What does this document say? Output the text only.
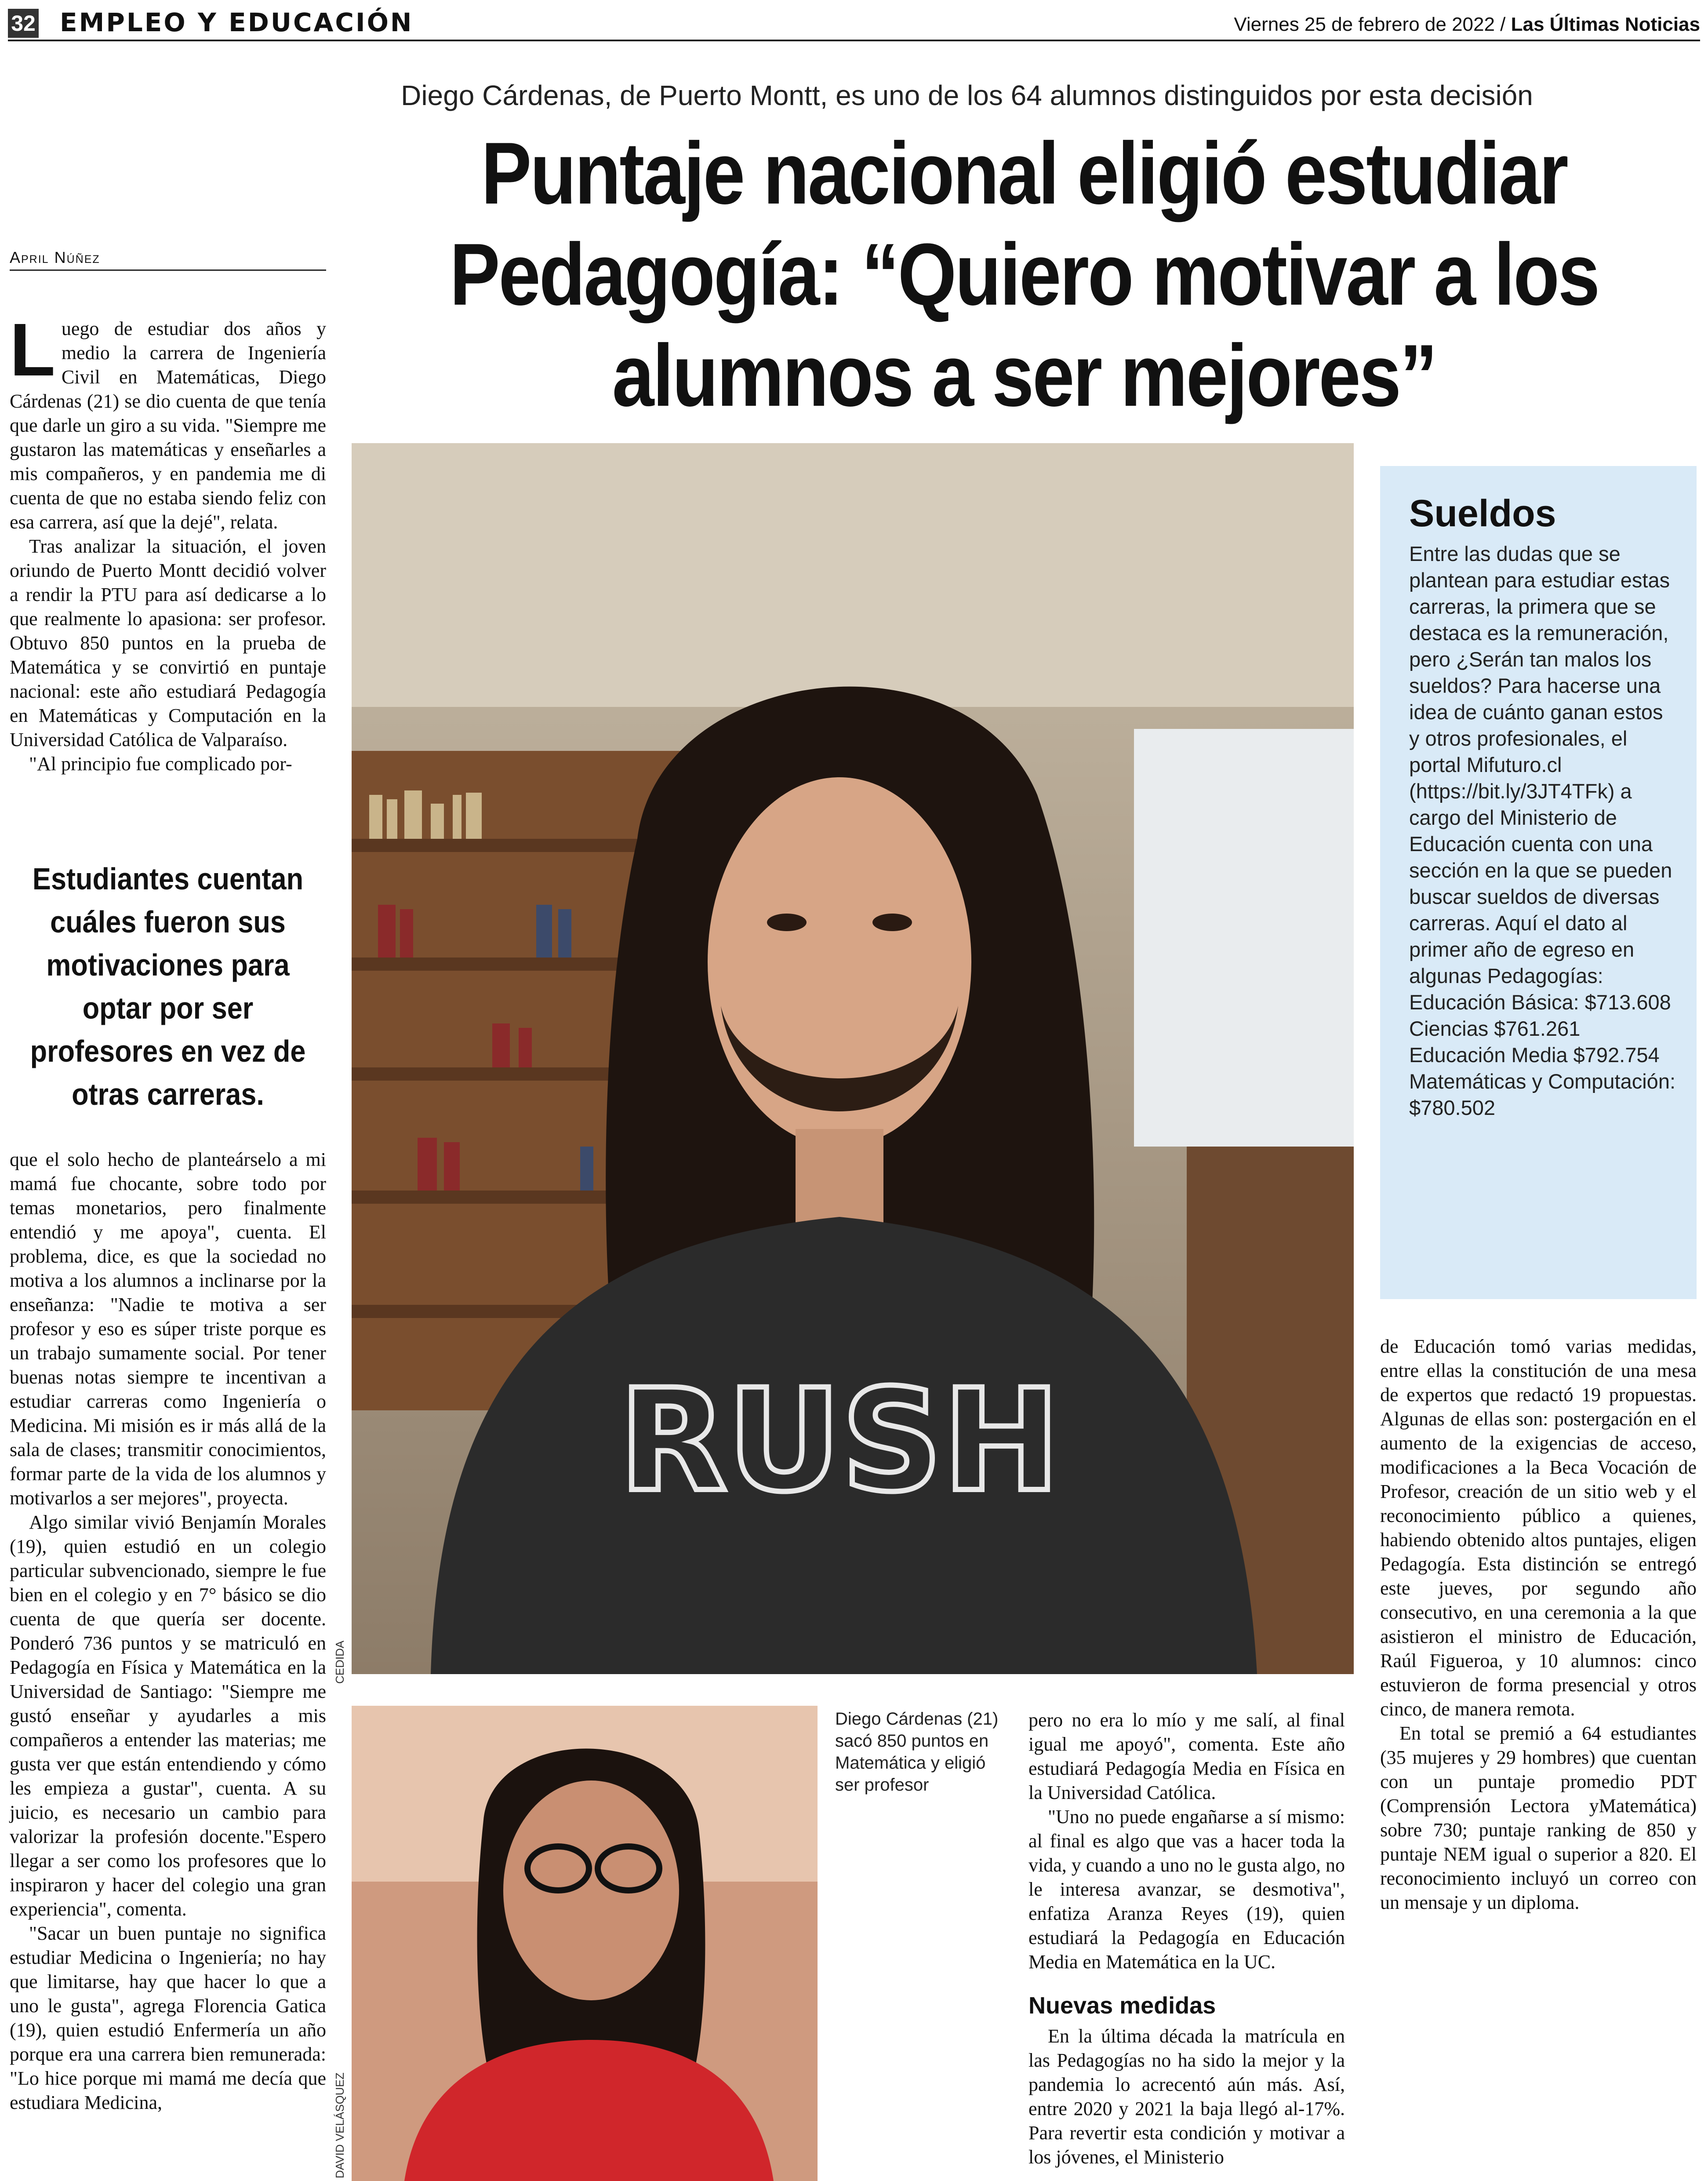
32 EMPLEO Y EDUCACIÓN	Viernes 25 de febrero de 2022 / Las Últimas Noticias
Diego Cárdenas, de Puerto Montt, es uno de los 64 alumnos distinguidos por esta decisión
Puntaje nacional eligió estudiar Pedagogía: “Quiero motivar a los alumnos a ser mejores”
April Núñez

Luego de estudiar dos años y medio la carrera de Ingeniería Civil en Matemáticas, Diego Cárdenas (21) se dio cuenta de que tenía que darle un giro a su vida. "Siempre me gustaron las matemáticas y enseñarles a mis compañeros, y en pandemia me di cuenta de que no estaba siendo feliz con esa carrera, así que la dejé", relata.

Tras analizar la situación, el joven oriundo de Puerto Montt decidió volver a rendir la PTU para así dedicarse a lo que realmente lo apasiona: ser profesor. Obtuvo 850 puntos en la prueba de Matemática y se convirtió en puntaje nacional: este año estudiará Pedagogía en Matemáticas y Computación en la Universidad Católica de Valparaíso.

"Al principio fue complicado por-

Estudiantes cuentan cuáles fueron sus motivaciones para optar por ser profesores en vez de otras carreras.

que el solo hecho de planteárselo a mi mamá fue chocante, sobre todo por temas monetarios, pero finalmente entendió y me apoya", cuenta. El problema, dice, es que la sociedad no motiva a los alumnos a inclinarse por la enseñanza: "Nadie te motiva a ser profesor y eso es súper triste porque es un trabajo sumamente social. Por tener buenas notas siempre te incentivan a estudiar carreras como Ingeniería o Medicina. Mi misión es ir más allá de la sala de clases; transmitir conocimientos, formar parte de la vida de los alumnos y motivarlos a ser mejores", proyecta.

Algo similar vivió Benjamín Morales (19), quien estudió en un colegio particular subvencionado, siempre le fue bien en el colegio y en 7° básico se dio cuenta de que quería ser docente. Ponderó 736 puntos y se matriculó en Pedagogía en Física y Matemática en la Universidad de Santiago: "Siempre me gustó enseñar y ayudarles a mis compañeros a entender las materias; me gusta ver que están entendiendo y cómo les empieza a gustar", cuenta. A su juicio, es necesario un cambio para valorizar la profesión docente."Espero llegar a ser como los profesores que lo inspiraron y hacer del colegio una gran experiencia", comenta.

"Sacar un buen puntaje no significa estudiar Medicina o Ingeniería; no hay que limitarse, hay que hacer lo que a uno le gusta", agrega Florencia Gatica (19), quien estudió Enfermería un año porque era una carrera bien remunerada: "Lo hice porque mi mamá me decía que estudiara Medicina,

RUSH
CEDIDA
DAVID VELÁSQUEZ
Diego Cárdenas (21) sacó 850 puntos en Matemática y eligió ser profesor
Sueldos
Entre las dudas que se plantean para estudiar estas carreras, la primera que se destaca es la remuneración, pero ¿Serán tan malos los sueldos? Para hacerse una idea de cuánto ganan estos y otros profesionales, el portal Mifuturo.cl (https://bit.ly/3JT4TFk) a cargo del Ministerio de Educación cuenta con una sección en la que se pueden buscar sueldos de diversas carreras. Aquí el dato al primer año de egreso en algunas Pedagogías:
Educación Básica: $713.608
Ciencias $761.261
Educación Media $792.754
Matemáticas y Computación: $780.502

pero no era lo mío y me salí, al final igual me apoyó", comenta. Este año estudiará Pedagogía Media en Física en la Universidad Católica.

"Uno no puede engañarse a sí mismo: al final es algo que vas a hacer toda la vida, y cuando a uno no le gusta algo, no le interesa avanzar, se desmotiva", enfatiza Aranza Reyes (19), quien estudiará la Pedagogía en Educación Media en Matemática en la UC.

Nuevas medidas

En la última década la matrícula en las Pedagogías no ha sido la mejor y la pandemia lo acrecentó aún más. Así, entre 2020 y 2021 la baja llegó al-17%. Para revertir esta condición y motivar a los jóvenes, el Ministerio

de Educación tomó varias medidas, entre ellas la constitución de una mesa de expertos que redactó 19 propuestas. Algunas de ellas son: postergación en el aumento de la exigencias de acceso, modificaciones a la Beca Vocación de Profesor, creación de un sitio web y el reconocimiento público a quienes, habiendo obtenido altos puntajes, eligen Pedagogía. Esta distinción se entregó este jueves, por segundo año consecutivo, en una ceremonia a la que asistieron el ministro de Educación, Raúl Figueroa, y 10 alumnos: cinco estuvieron de forma presencial y otros cinco, de manera remota.

En total se premió a 64 estudiantes (35 mujeres y 29 hombres) que cuentan con un puntaje promedio PDT (Comprensión Lectora yMatemática) sobre 730; puntaje ranking de 850 y puntaje NEM igual o superior a 820. El reconocimiento incluyó un correo con un mensaje y un diploma.
